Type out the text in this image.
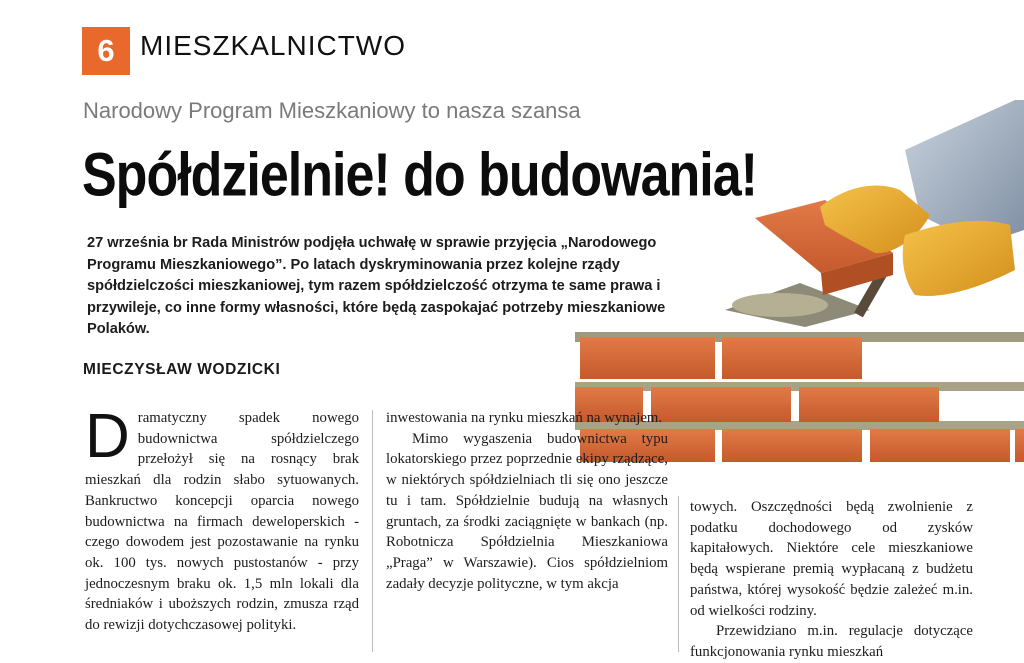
6 MIESZKALNICTWO
Narodowy Program Mieszkaniowy to nasza szansa
Spółdzielnie! do budowania!
27 września br Rada Ministrów podjęła uchwałę w sprawie przyjęcia „Narodowego Programu Mieszkaniowego”. Po latach dyskryminowania przez kolejne rządy spółdzielczości mieszkaniowej, tym razem spółdzielczość otrzyma te same prawa i przywileje, co inne formy własności, które będą zaspokajać potrzeby mieszkaniowe Polaków.
MIECZYSŁAW WODZICKI
Dramatyczny spadek nowego budownictwa spółdzielczego przełożył się na rosnący brak mieszkań dla rodzin słabo sytuowanych. Bankructwo koncepcji oparcia nowego budownictwa na firmach deweloperskich - czego dowodem jest pozostawanie na rynku ok. 100 tys. nowych pustostanów - przy jednoczesnym braku ok. 1,5 mln lokali dla średniaków i uboższych rodzin, zmusza rząd do rewizji dotychczasowej polityki.

inwestowania na rynku mieszkań na wynajem.

Mimo wygaszenia budownictwa typu lokatorskiego przez poprzednie ekipy rządzące, w niektórych spółdzielniach tli się ono jeszcze tu i tam. Spółdzielnie budują na własnych gruntach, za środki zaciągnięte w bankach (np. Robotnicza Spółdzielnia Mieszkaniowa „Praga” w Warszawie). Cios spółdzielniom zadały decyzje polityczne, w tym akcja

towych. Oszczędności będą zwolnienie z podatku dochodowego od zysków kapitałowych. Niektóre cele mieszkaniowe będą wspierane premią wypłacaną z budżetu państwa, której wysokość będzie zależeć m.in. od wielkości rodziny.

Przewidziano m.in. regulacje dotyczące funkcjonowania rynku mieszkań
